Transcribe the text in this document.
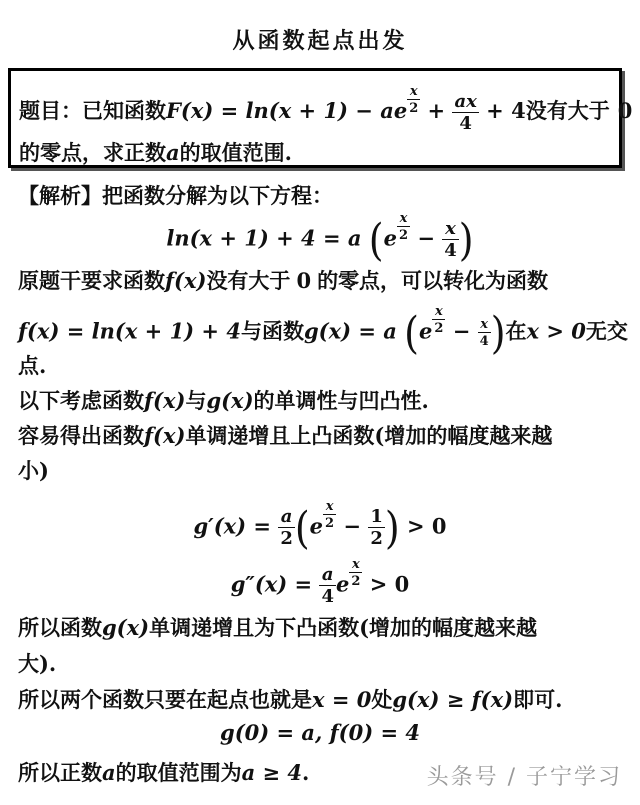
从函数起点出发
题目：已知函数F(x) = ln(x + 1) − ae $^{\frac{x}{2}} + \frac{ax}{4} + 4$没有大于 0
的零点，求正数a的取值范围.
【解析】把函数分解为以下方程：
ln(x + 1) + 4 = a (e $^{\frac{x}{2}} - \frac{x}{4}$ )
原题干要求函数f(x)没有大于 0 的零点，可以转化为函数
f(x) = ln(x + 1) + 4与函数g(x) = a (e $^{\frac{x}{2}} - \frac{x}{4}$ )在x > 0无交
点.
以下考虑函数f(x)与g(x)的单调性与凹凸性.
容易得出函数f(x)单调递增且上凸函数(增加的幅度越来越
小)
$g'(x) = \frac{a}{2} (e$ $^{\frac{x}{2}} - \frac{1}{2}$ ) > 0
$g''(x) = \frac{a}{4}$ e $^{\frac{x}{2}}$ > 0
所以函数g(x)单调递增且为下凸函数(增加的幅度越来越
大).
所以两个函数只要在起点也就是x = 0处g(x) ≥ f(x)即可.
g(0) = a, f(0) = 4
所以正数a的取值范围为a ≥ 4.	头条号 / 子宁学习
